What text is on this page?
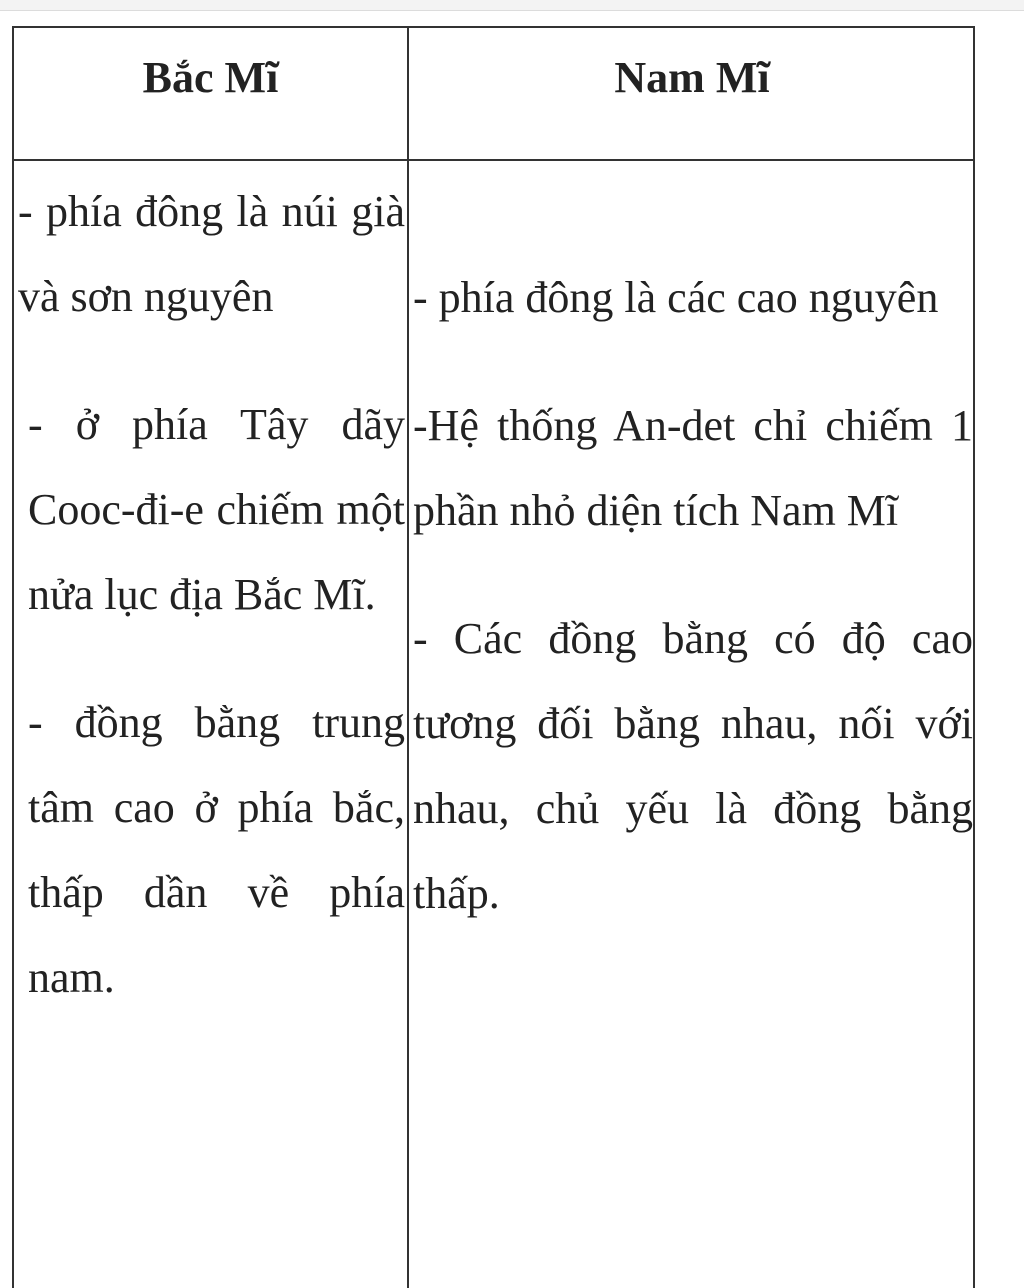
Bắc Mĩ	Nam Mĩ

- phía đông là núi già và sơn nguyên

- ở phía Tây dãy Cooc-đi-e chiếm một nửa lục địa Bắc Mĩ.

- đồng bằng trung tâm cao ở phía bắc, thấp dần về phía nam.

- phía đông là các cao nguyên

-Hệ thống An-det chỉ chiếm 1 phần nhỏ diện tích Nam Mĩ

- Các đồng bằng có độ cao tương đối bằng nhau, nối với nhau, chủ yếu là đồng bằng thấp.
